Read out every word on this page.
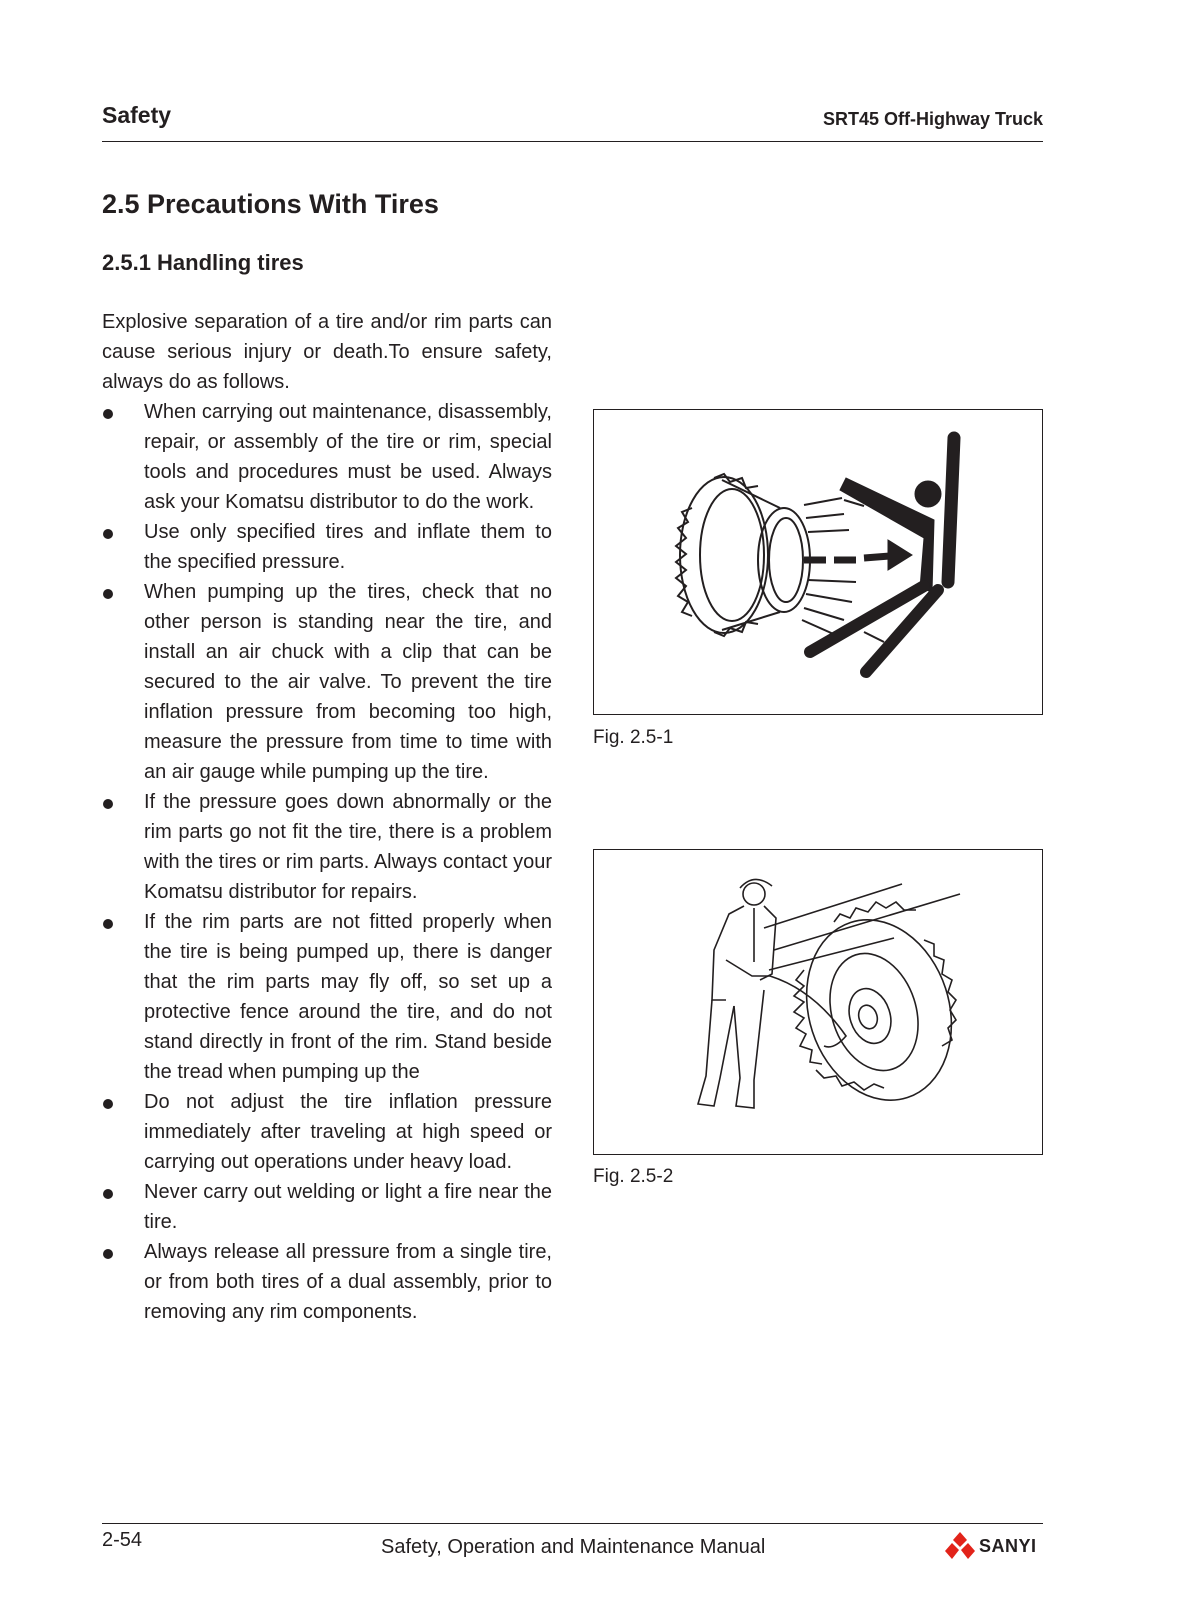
Safety	SRT45 Off-Highway Truck
2.5 Precautions With Tires
2.5.1 Handling tires

Explosive separation of a tire and/or rim parts can cause serious injury or death.To ensure safety, always do as follows.

When carrying out maintenance, disassembly, repair, or assembly of the tire or rim, special tools and procedures must be used. Always ask your Komatsu distributor to do the work.
Use only specified tires and inflate them to the specified pressure.
When pumping up the tires, check that no other person is standing near the tire, and install an air chuck with a clip that can be secured to the air valve. To prevent the tire inflation pressure from becoming too high, measure the pressure from time to time with an air gauge while pumping up the tire.
If the pressure goes down abnormally or the rim parts go not fit the tire, there is a problem with the tires or rim parts. Always contact your Komatsu distributor for repairs.
If the rim parts are not fitted properly when the tire is being pumped up, there is danger that the rim parts may fly off, so set up a protective fence around the tire, and do not stand directly in front of the rim. Stand beside the tread when pumping up the
Do not adjust the tire inflation pressure immediately after traveling at high speed or carrying out operations under heavy load.
Never carry out welding or light a fire near the tire.
Always release all pressure from a single tire, or from both tires of a dual assembly, prior to removing any rim components.
Fig. 2.5-1
Fig. 2.5-2
2-54	Safety, Operation and Maintenance Manual	SANYI
